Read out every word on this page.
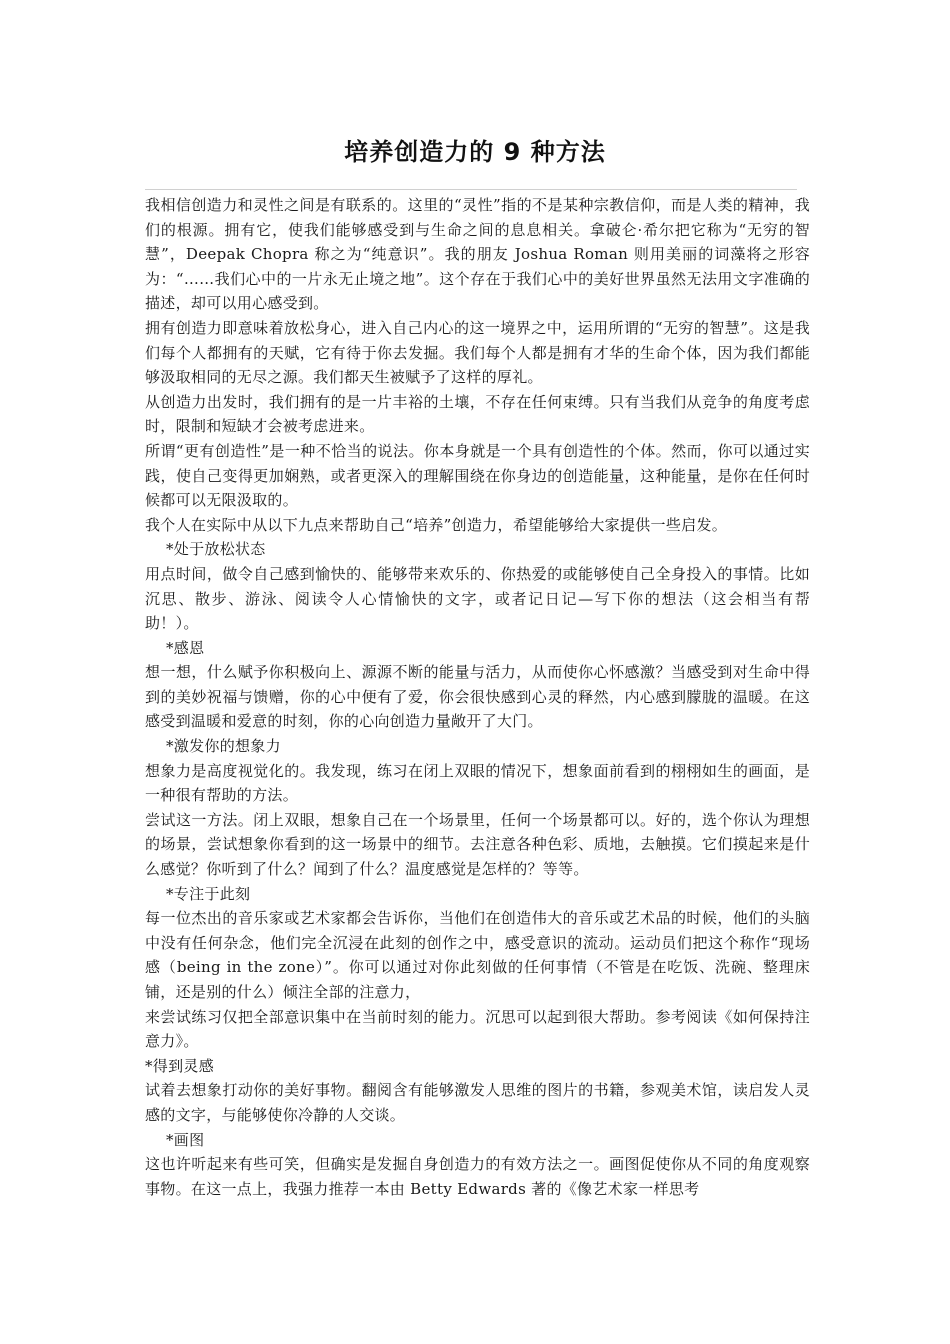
培养创造力的 9 种方法

我相信创造力和灵性之间是有联系的。这里的“灵性”指的不是某种宗教信仰，而是人类的精神，我们的根源。拥有它，使我们能够感受到与生命之间的息息相关。拿破仑·希尔把它称为“无穷的智慧”，Deepak Chopra 称之为“纯意识”。我的朋友 Joshua Roman 则用美丽的词藻将之形容为：“……我们心中的一片永无止境之地”。这个存在于我们心中的美好世界虽然无法用文字准确的描述，却可以用心感受到。

拥有创造力即意味着放松身心，进入自己内心的这一境界之中，运用所谓的“无穷的智慧”。这是我们每个人都拥有的天赋，它有待于你去发掘。我们每个人都是拥有才华的生命个体，因为我们都能够汲取相同的无尽之源。我们都天生被赋予了这样的厚礼。

从创造力出发时，我们拥有的是一片丰裕的土壤，不存在任何束缚。只有当我们从竞争的角度考虑时，限制和短缺才会被考虑进来。

所谓“更有创造性”是一种不恰当的说法。你本身就是一个具有创造性的个体。然而，你可以通过实践，使自己变得更加娴熟，或者更深入的理解围绕在你身边的创造能量，这种能量，是你在任何时候都可以无限汲取的。

我个人在实际中从以下九点来帮助自己“培养”创造力，希望能够给大家提供一些启发。

*处于放松状态

用点时间，做令自己感到愉快的、能够带来欢乐的、你热爱的或能够使自己全身投入的事情。比如沉思、散步、游泳、阅读令人心情愉快的文字，或者记日记—写下你的想法（这会相当有帮助！）。

*感恩

想一想，什么赋予你积极向上、源源不断的能量与活力，从而使你心怀感激？当感受到对生命中得到的美妙祝福与馈赠，你的心中便有了爱，你会很快感到心灵的释然，内心感到朦胧的温暖。在这感受到温暖和爱意的时刻，你的心向创造力量敞开了大门。

*激发你的想象力

想象力是高度视觉化的。我发现，练习在闭上双眼的情况下，想象面前看到的栩栩如生的画面，是一种很有帮助的方法。

尝试这一方法。闭上双眼，想象自己在一个场景里，任何一个场景都可以。好的，选个你认为理想的场景，尝试想象你看到的这一场景中的细节。去注意各种色彩、质地，去触摸。它们摸起来是什么感觉？你听到了什么？闻到了什么？温度感觉是怎样的？等等。

*专注于此刻

每一位杰出的音乐家或艺术家都会告诉你，当他们在创造伟大的音乐或艺术品的时候，他们的头脑中没有任何杂念，他们完全沉浸在此刻的创作之中，感受意识的流动。运动员们把这个称作“现场感（being in the zone）”。你可以通过对你此刻做的任何事情（不管是在吃饭、洗碗、整理床铺，还是别的什么）倾注全部的注意力，

来尝试练习仅把全部意识集中在当前时刻的能力。沉思可以起到很大帮助。参考阅读《如何保持注意力》。

*得到灵感

试着去想象打动你的美好事物。翻阅含有能够激发人思维的图片的书籍，参观美术馆，读启发人灵感的文字，与能够使你冷静的人交谈。

*画图

这也许听起来有些可笑，但确实是发掘自身创造力的有效方法之一。画图促使你从不同的角度观察事物。在这一点上，我强力推荐一本由 Betty Edwards 著的《像艺术家一样思考
